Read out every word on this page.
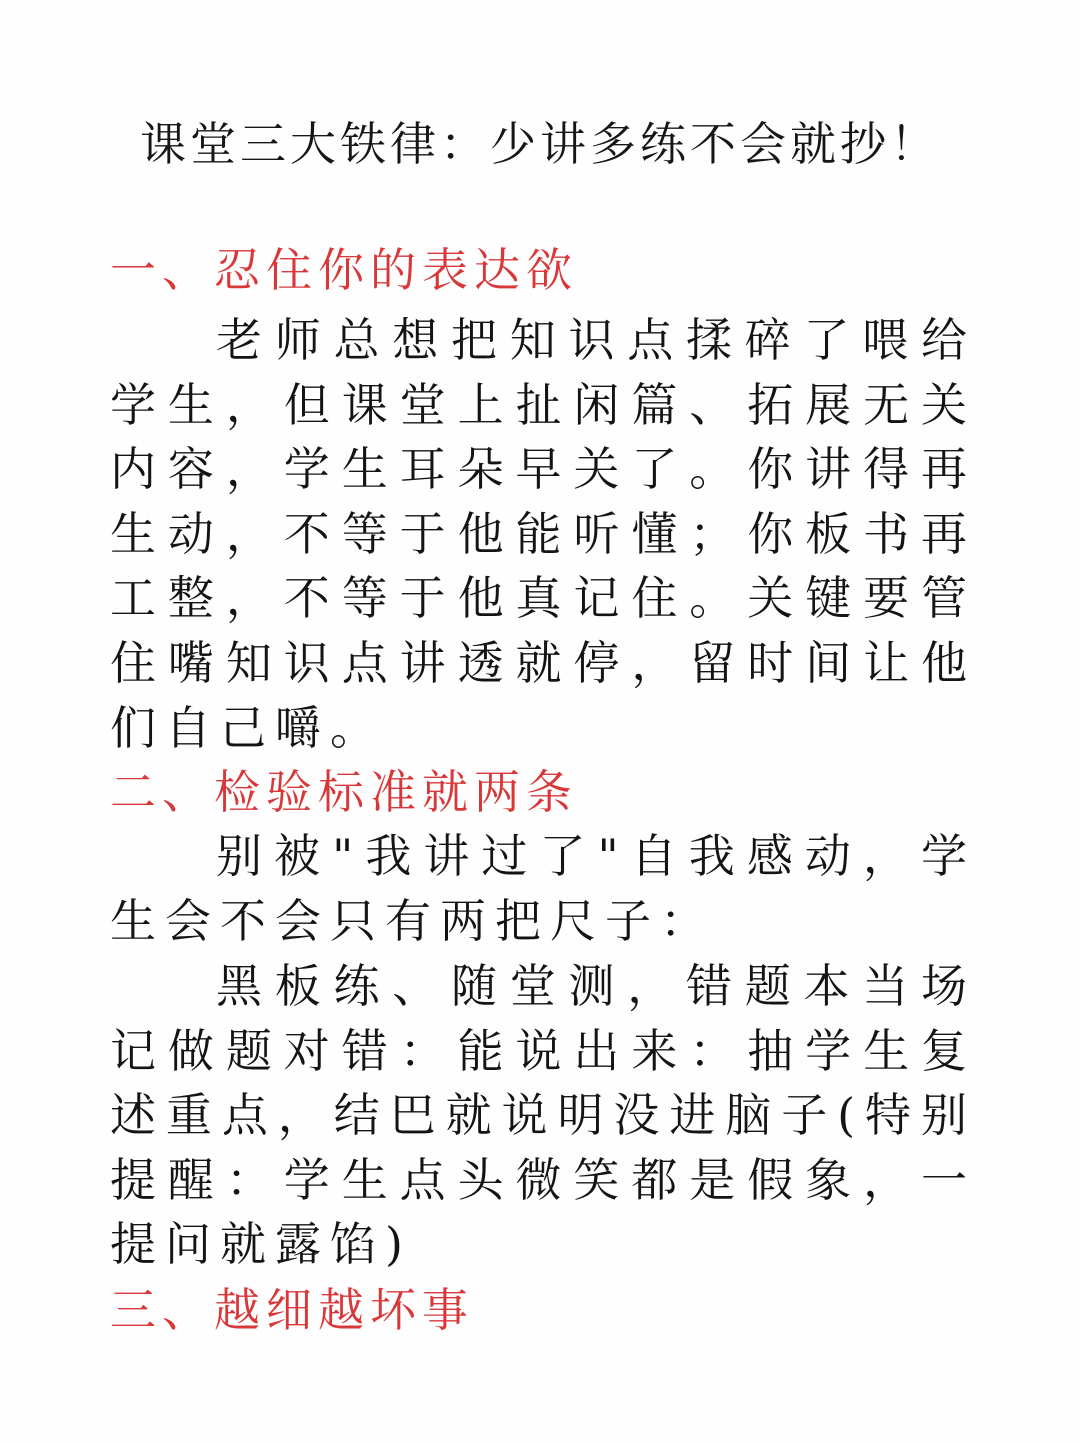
课堂三大铁律：少讲多练不会就抄！
一、忍住你的表达欲
老师总想把知识点揉碎了喂给学生，但课堂上扯闲篇、拓展无关内容，学生耳朵早关了。你讲得再生动，不等于他能听懂；你板书再工整，不等于他真记住。关键要管住嘴知识点讲透就停，留时间让他们自己嚼。
二、检验标准就两条
别被"我讲过了"自我感动，学生会不会只有两把尺子：
黑板练、随堂测，错题本当场记做题对错：能说出来：抽学生复述重点，结巴就说明没进脑子(特别提醒：学生点头微笑都是假象，一提问就露馅)
三、越细越坏事
